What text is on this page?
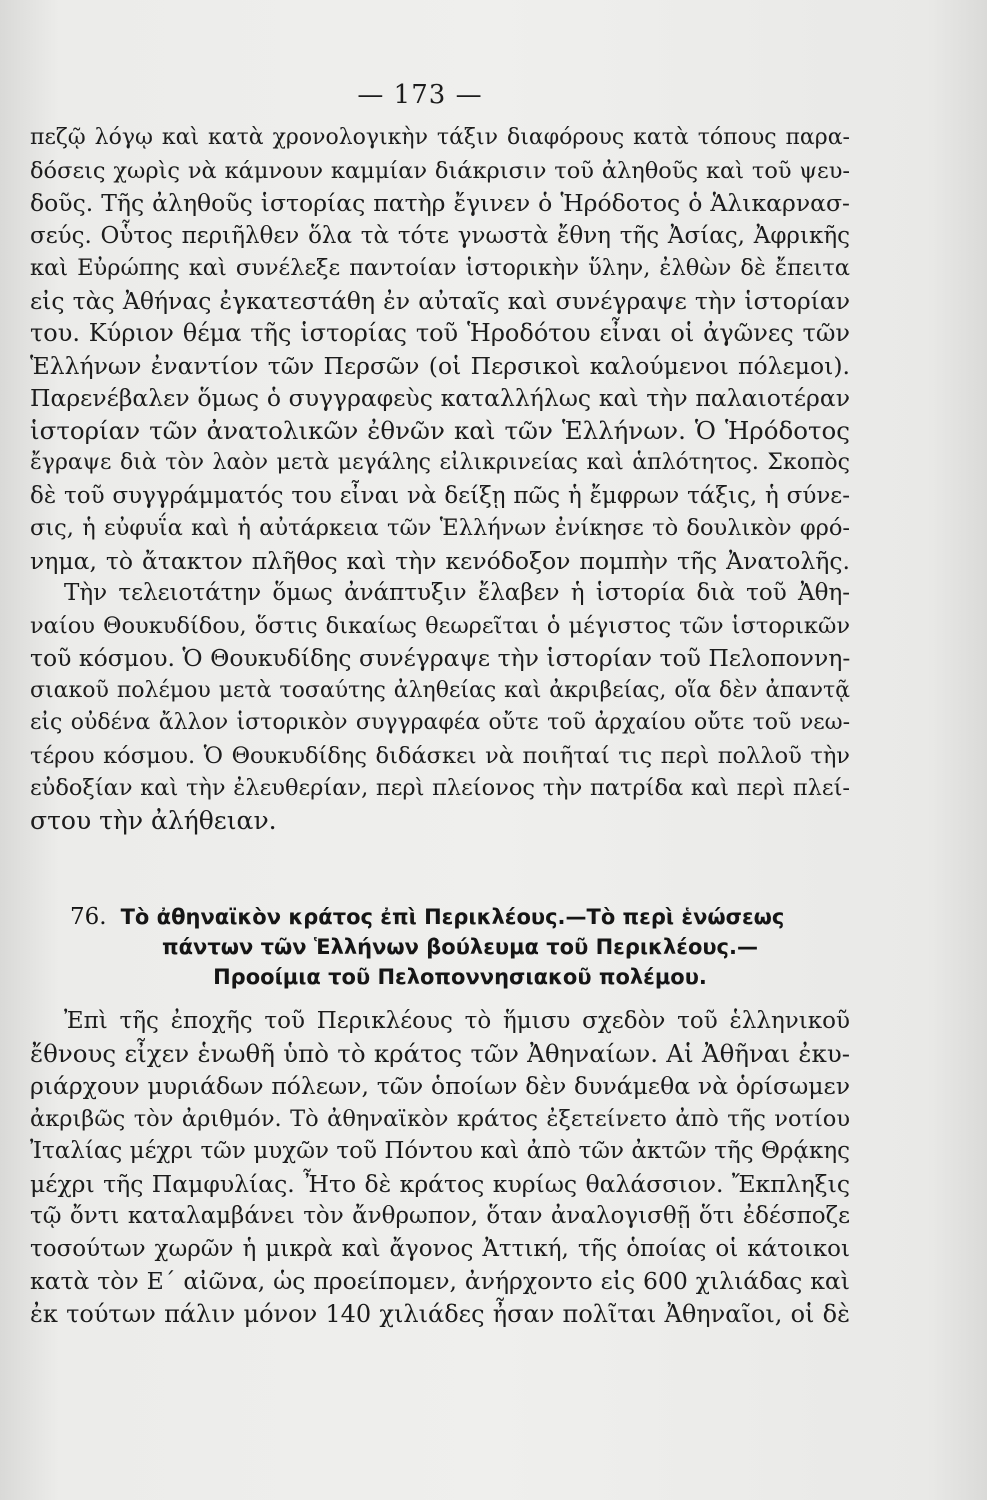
— 173 —
πεζῷ λόγῳ καὶ κατὰ χρονολογικὴν τάξιν διαφόρους κατὰ τόπους παρα-
δόσεις χωρὶς νὰ κάμνουν καμμίαν διάκρισιν τοῦ ἀληθοῦς καὶ τοῦ ψευ-
δοῦς. Τῆς ἀληθοῦς ἱστορίας πατὴρ ἔγινεν ὁ Ἡρόδοτος ὁ Ἁλικαρνασ-
σεύς. Οὗτος περιῆλθεν ὅλα τὰ τότε γνωστὰ ἔθνη τῆς Ἀσίας, Ἀφρικῆς
καὶ Εὐρώπης καὶ συνέλεξε παντοίαν ἱστορικὴν ὕλην, ἐλθὼν δὲ ἔπειτα
εἰς τὰς Ἀθήνας ἐγκατεστάθη ἐν αὐταῖς καὶ συνέγραψε τὴν ἱστορίαν
του. Κύριον θέμα τῆς ἱστορίας τοῦ Ἡροδότου εἶναι οἱ ἀγῶνες τῶν
Ἑλλήνων ἐναντίον τῶν Περσῶν (οἱ Περσικοὶ καλούμενοι πόλεμοι).
Παρενέβαλεν ὅμως ὁ συγγραφεὺς καταλλήλως καὶ τὴν παλαιοτέραν
ἱστορίαν τῶν ἀνατολικῶν ἐθνῶν καὶ τῶν Ἑλλήνων. Ὁ Ἡρόδοτος
ἔγραψε διὰ τὸν λαὸν μετὰ μεγάλης εἰλικρινείας καὶ ἁπλότητος. Σκοπὸς
δὲ τοῦ συγγράμματός του εἶναι νὰ δείξῃ πῶς ἡ ἔμφρων τάξις, ἡ σύνε-
σις, ἡ εὐφυΐα καὶ ἡ αὐτάρκεια τῶν Ἑλλήνων ἐνίκησε τὸ δουλικὸν φρό-
νημα, τὸ ἄτακτον πλῆθος καὶ τὴν κενόδοξον πομπὴν τῆς Ἀνατολῆς.
Τὴν τελειοτάτην ὅμως ἀνάπτυξιν ἔλαβεν ἡ ἱστορία διὰ τοῦ Ἀθη-
ναίου Θουκυδίδου, ὅστις δικαίως θεωρεῖται ὁ μέγιστος τῶν ἱστορικῶν
τοῦ κόσμου. Ὁ Θουκυδίδης συνέγραψε τὴν ἱστορίαν τοῦ Πελοποννη-
σιακοῦ πολέμου μετὰ τοσαύτης ἀληθείας καὶ ἀκριβείας, οἵα δὲν ἀπαντᾷ
εἰς οὐδένα ἄλλον ἱστορικὸν συγγραφέα οὔτε τοῦ ἀρχαίου οὔτε τοῦ νεω-
τέρου κόσμου. Ὁ Θουκυδίδης διδάσκει νὰ ποιῆταί τις περὶ πολλοῦ τὴν
εὐδοξίαν καὶ τὴν ἐλευθερίαν, περὶ πλείονος τὴν πατρίδα καὶ περὶ πλεί-
στου τὴν ἀλήθειαν.
76. Τὸ ἀθηναϊκὸν κράτος ἐπὶ Περικλέους.—Τὸ περὶ ἑνώσεως
πάντων τῶν Ἑλλήνων βούλευμα τοῦ Περικλέους.—
Προοίμια τοῦ Πελοποννησιακοῦ πολέμου.
Ἐπὶ τῆς ἐποχῆς τοῦ Περικλέους τὸ ἥμισυ σχεδὸν τοῦ ἑλληνικοῦ
ἔθνους εἶχεν ἑνωθῆ ὑπὸ τὸ κράτος τῶν Ἀθηναίων. Αἱ Ἀθῆναι ἐκυ-
ριάρχουν μυριάδων πόλεων, τῶν ὁποίων δὲν δυνάμεθα νὰ ὁρίσωμεν
ἀκριβῶς τὸν ἀριθμόν. Τὸ ἀθηναϊκὸν κράτος ἐξετείνετο ἀπὸ τῆς νοτίου
Ἰταλίας μέχρι τῶν μυχῶν τοῦ Πόντου καὶ ἀπὸ τῶν ἀκτῶν τῆς Θρᾴκης
μέχρι τῆς Παμφυλίας. Ἦτο δὲ κράτος κυρίως θαλάσσιον. Ἔκπληξις
τῷ ὄντι καταλαμβάνει τὸν ἄνθρωπον, ὅταν ἀναλογισθῇ ὅτι ἐδέσποζε
τοσούτων χωρῶν ἡ μικρὰ καὶ ἄγονος Ἀττική, τῆς ὁποίας οἱ κάτοικοι
κατὰ τὸν Ε΄ αἰῶνα, ὡς προείπομεν, ἀνήρχοντο εἰς 600 χιλιάδας καὶ
ἐκ τούτων πάλιν μόνον 140 χιλιάδες ἦσαν πολῖται Ἀθηναῖοι, οἱ δὲ
